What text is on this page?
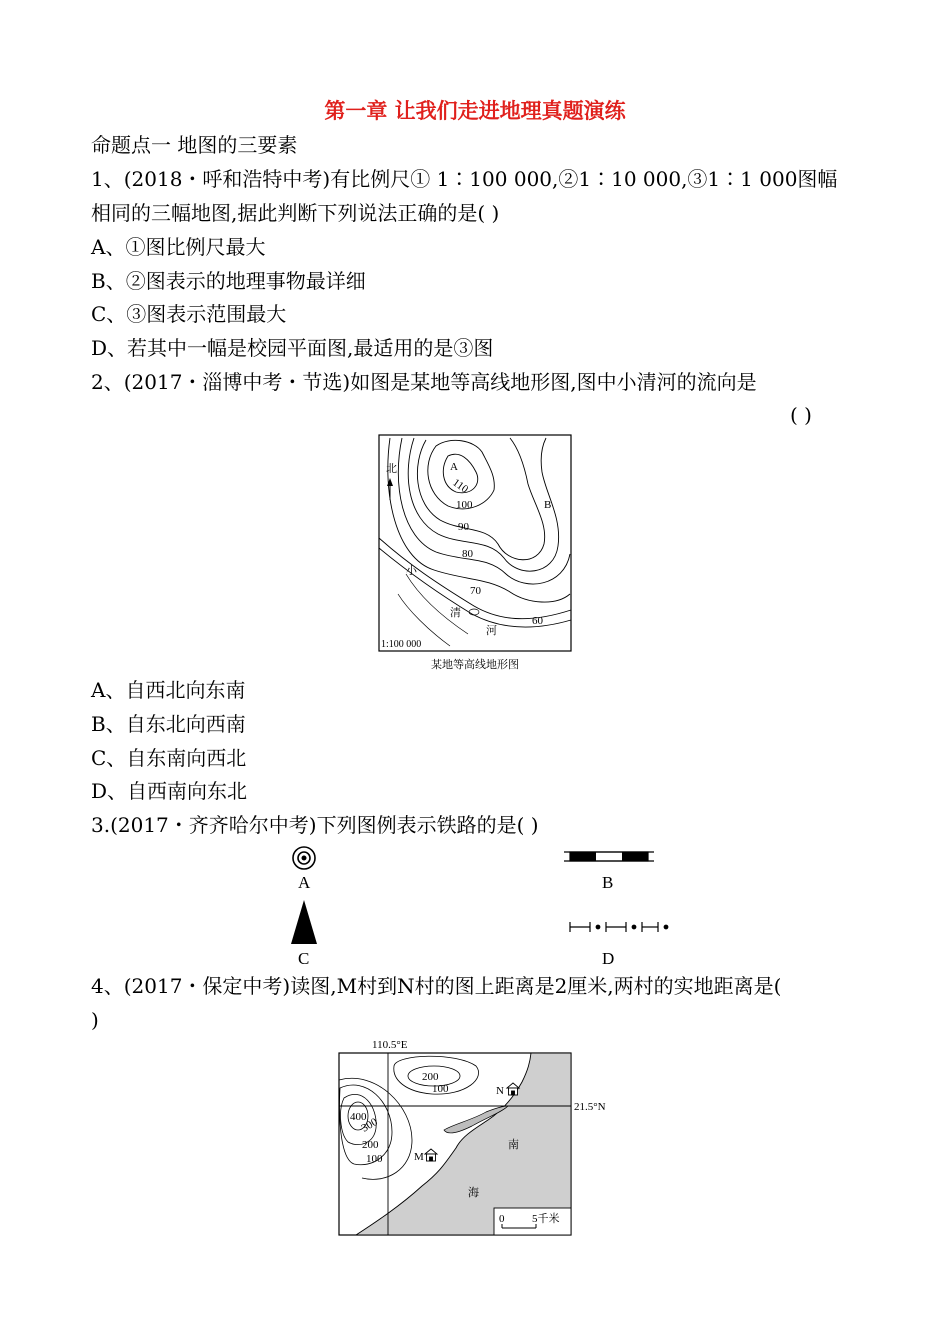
第一章 让我们走进地理真题演练
命题点一 地图的三要素
1、(2018・呼和浩特中考)有比例尺① 1∶100 000,②1∶10 000,③1∶1 000图幅
相同的三幅地图,据此判断下列说法正确的是( )
A、①图比例尺最大
B、②图表示的地理事物最详细
C、③图表示范围最大
D、若其中一幅是校园平面图,最适用的是③图
2、(2017・淄博中考・节选)如图是某地等高线地形图,图中小清河的流向是
( )
北	A
B
110
100
90
80
70
60
小
清
河
1:100 000
某地等高线地形图
A、自西北向东南
B、自东北向西南
C、自东南向西北
D、自西南向东北
3.(2017・齐齐哈尔中考)下列图例表示铁路的是( )
A	B
C	D
4、(2017・保定中考)读图,M村到N村的图上距离是2厘米,两村的实地距离是(
)
110.5°E
21.5°N
200
100
400
300
200
100
N
M
南
海
0	5千米
